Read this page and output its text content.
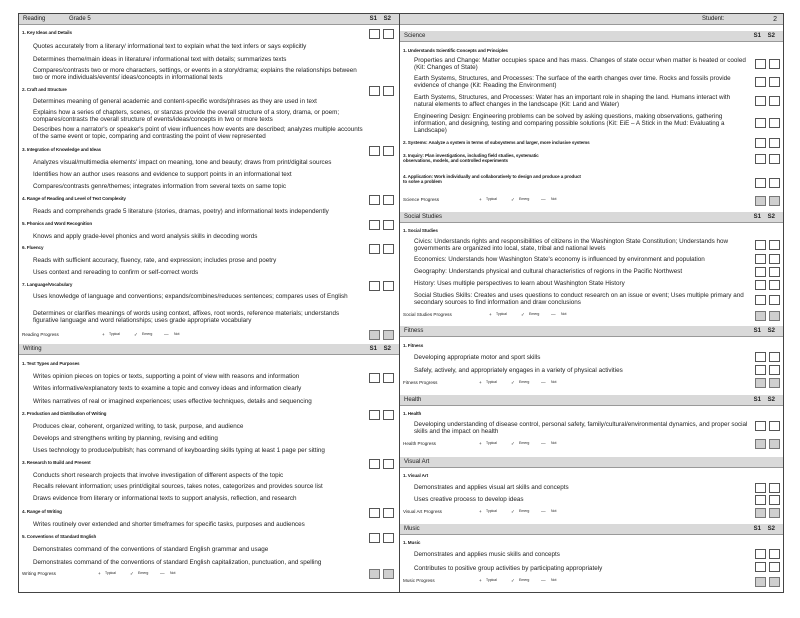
Reading	Grade 5	S1 S2
1. Key Ideas and Details
Quotes accurately from a literary/ informational text to explain what the text infers or says explicitly
Determines theme/main ideas in literature/ informational text with details; summarizes texts
Compares/contrasts two or more characters, settings, or events in a story/drama; explains the relationships between two or more individuals/events/ ideas/concepts in informational texts
2. Craft and Structure
Determines meaning of general academic and content-specific words/phrases as they are used in text
Explains how a series of chapters, scenes, or stanzas provide the overall structure of a story, drama, or poem; compares/contrasts the overall structure of events/ideas/concepts in two or more texts
Describes how a narrator's or speaker's point of view influences how events are described; analyzes multiple accounts of the same event or topic, comparing and contrasting the point of view represented
3. Integration of Knowledge and Ideas
Analyzes visual/multimedia elements' impact on meaning, tone and beauty; draws from print/digital sources
Identifies how an author uses reasons and evidence to support points in an informational text
Compares/contrasts genre/themes; integrates information from several texts on same topic
4. Range of Reading and Level of Text Complexity
Reads and comprehends grade 5 literature (stories, dramas, poetry) and informational texts independently
5. Phonics and Word Recognition
Knows and apply grade-level phonics and word analysis skills in decoding words
6. Fluency
Reads with sufficient accuracy, fluency, rate, and expression; includes prose and poetry
Uses context and rereading to confirm or self-correct words
7. Language/Vocabulary
Uses knowledge of language and conventions; expands/combines/reduces sentences; compares uses of English
Determines or clarifies meanings of words using context, affixes, root words, reference materials; understands figurative language and word relationships; uses grade appropriate vocabulary
Reading Progress	+ Typical	✓ Emerg	— Not
Writing	S1 S2
1. Text Types and Purposes
Writes opinion pieces on topics or texts, supporting a point of view with reasons and information
Writes informative/explanatory texts to examine a topic and convey ideas and information clearly
Writes narratives of real or imagined experiences; uses effective techniques, details and sequencing
2. Production and Distribution of Writing
Produces clear, coherent, organized writing, to task, purpose, and audience
Develops and strengthens writing by planning, revising and editing
Uses technology to produce/publish; has command of keyboarding skills typing at least 1 page per sitting
3. Research to Build and Present
Conducts short research projects that involve investigation of different aspects of the topic
Recalls relevant information; uses print/digital sources, takes notes, categorizes and provides source list
Draws evidence from literary or informational texts to support analysis, reflection, and research
4. Range of Writing
Writes routinely over extended and shorter timeframes for specific tasks, purposes and audiences
5. Conventions of Standard English
Demonstrates command of the conventions of standard English grammar and usage
Demonstrates command of the conventions of standard English capitalization, punctuation, and spelling
Writing Progress	+ Typical	✓ Emerg	— Not
Student:	2
Science	S1 S2
1. Understands Scientific Concepts and Principles
Properties and Change: Matter occupies space and has mass. Changes of state occur when matter is heated or cooled (Kit: Changes of State)
Earth Systems, Structures, and Processes: The surface of the earth changes over time. Rocks and fossils provide evidence of change (Kit: Reading the Environment)
Earth Systems, Structures, and Processes: Water has an important role in shaping the land. Humans interact with natural elements to affect changes in the landscape (Kit: Land and Water)
Engineering Design: Engineering problems can be solved by asking questions, making observations, gathering information, and designing, testing and comparing possible solutions (Kit: EiE – A Stick in the Mud: Evaluating a Landscape)
2. Systems: Analyze a system in terms of subsystems and larger, more inclusive systems
3. Inquiry: Plan investigations, including field studies, systematic observations, models, and controlled experiments
4. Application: Work individually and collaboratively to design and produce a product to solve a problem
Science Progress	+ Typical	✓ Emerg	— Not
Social Studies	S1 S2
1. Social Studies
Civics: Understands rights and responsibilities of citizens in the Washington State Constitution; Understands how governments are organized into local, state, tribal and national levels
Economics: Understands how Washington State's economy is influenced by environment and population
Geography: Understands physical and cultural characteristics of regions in the Pacific Northwest
History: Uses multiple perspectives to learn about Washington State History
Social Studies Skills: Creates and uses questions to conduct research on an issue or event; Uses multiple primary and secondary sources to find information and draw conclusions
Social Studies Progress	+ Typical	✓ Emerg	— Not
Fitness	S1 S2
1. Fitness
Developing appropriate motor and sport skills
Safely, actively, and appropriately engages in a variety of physical activities
Fitness Progress	+ Typical	✓ Emerg	— Not
Health	S1 S2
1. Health
Developing understanding of disease control, personal safety, family/cultural/environmental dynamics, and proper social skills and the impact on health
Health Progress	+ Typical	✓ Emerg	— Not
Visual Art
1. Visual Art
Demonstrates and applies visual art skills and concepts
Uses creative process to develop ideas
Visual Art Progress	+ Typical	✓ Emerg	— Not
Music	S1 S2
1. Music
Demonstrates and applies music skills and concepts
Contributes to positive group activities by participating appropriately
Music Progress	+ Typical	✓ Emerg	— Not
